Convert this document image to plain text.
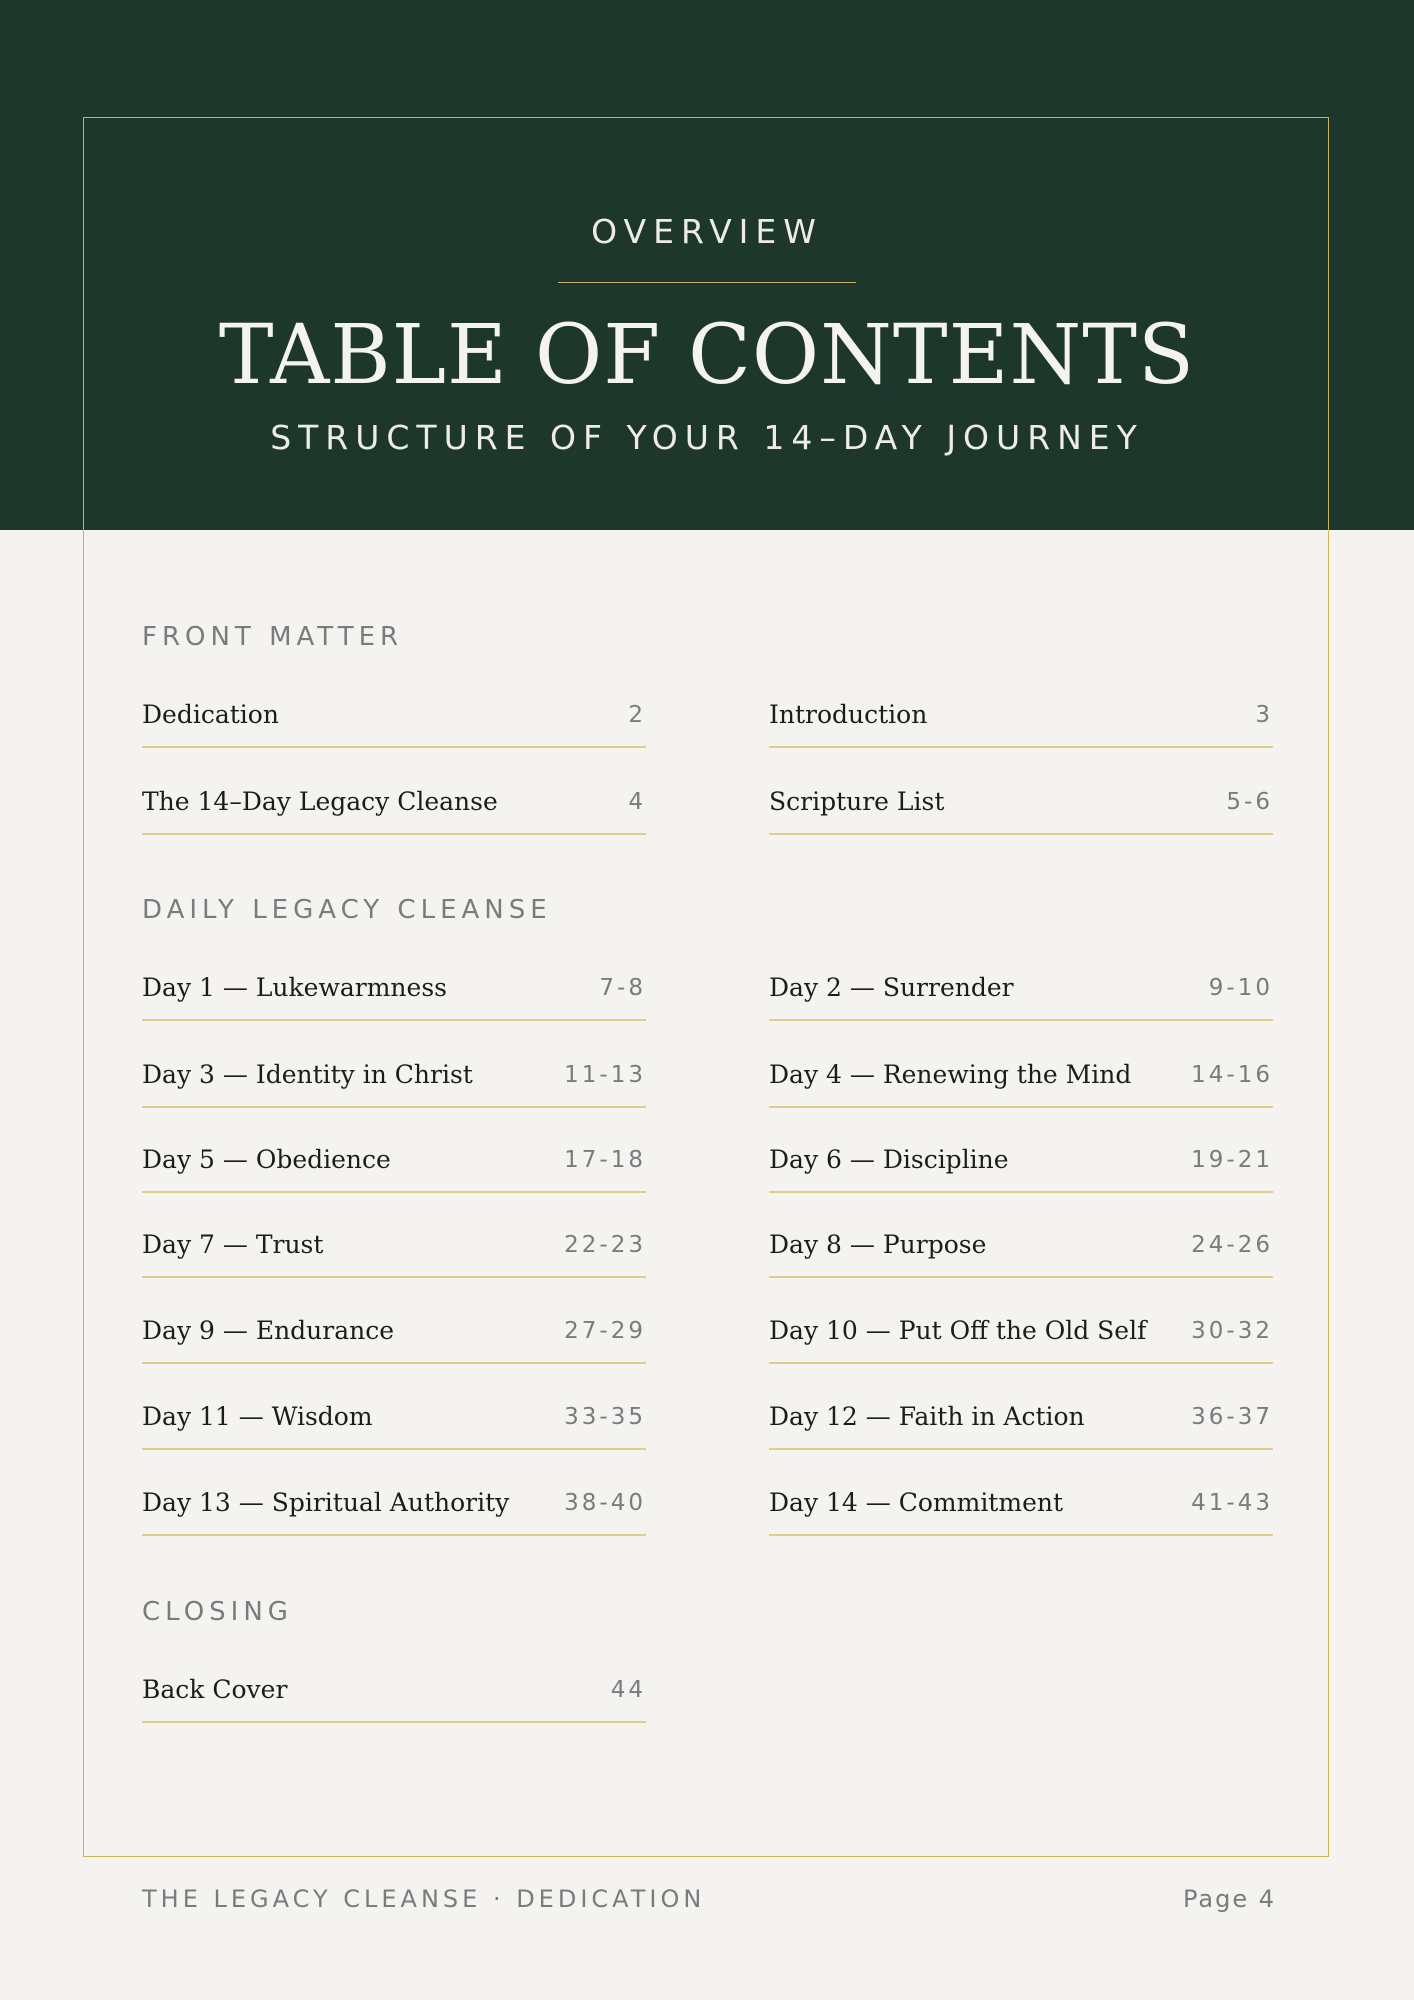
OVERVIEW
TABLE OF CONTENTS
STRUCTURE OF YOUR 14–DAY JOURNEY
FRONT MATTER
Dedication	2	Introduction	3
The 14–Day Legacy Cleanse	4	Scripture List	5-6
DAILY LEGACY CLEANSE
Day 1 — Lukewarmness	7-8	Day 2 — Surrender	9-10
Day 3 — Identity in Christ	11-13	Day 4 — Renewing the Mind	14-16
Day 5 — Obedience	17-18	Day 6 — Discipline	19-21
Day 7 — Trust	22-23	Day 8 — Purpose	24-26
Day 9 — Endurance	27-29	Day 10 — Put Off the Old Self 30-32
Day 11 — Wisdom	33-35	Day 12 — Faith in Action	36-37
Day 13 — Spiritual Authority 38-40	Day 14 — Commitment	41-43
CLOSING
Back Cover	44
THE LEGACY CLEANSE · DEDICATION	Page 4
